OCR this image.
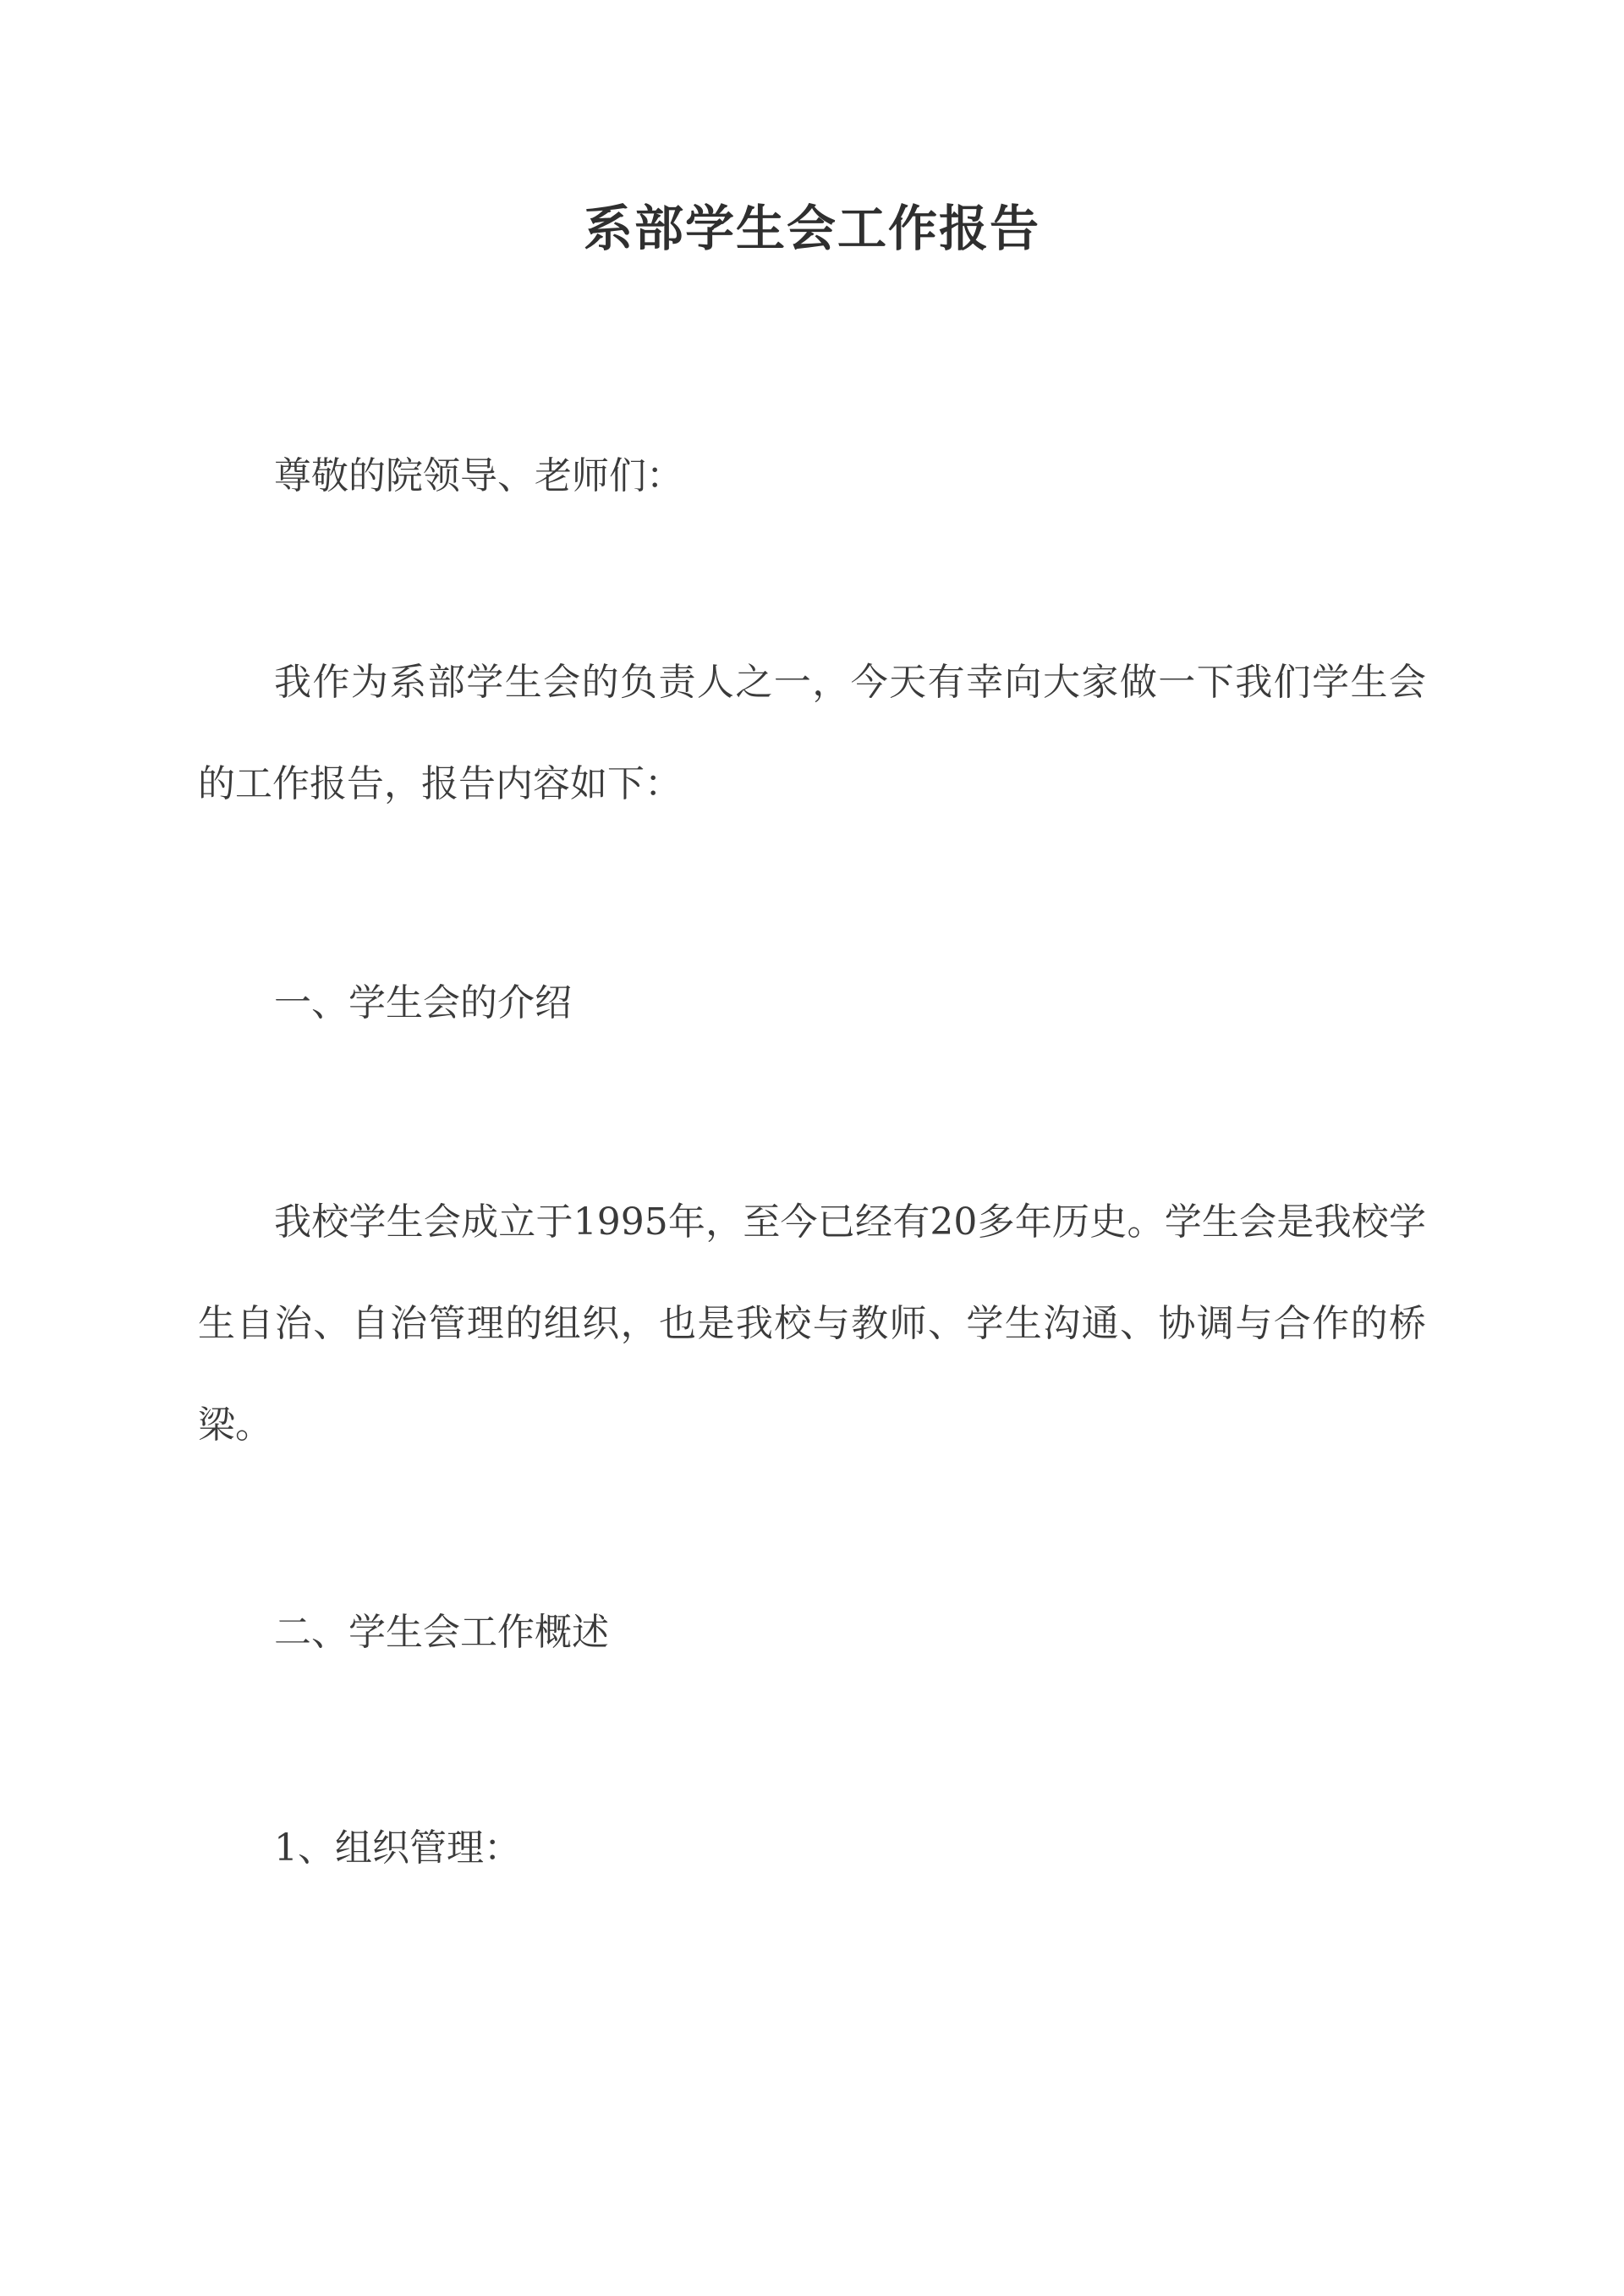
系部学生会工作报告

尊敬的院领导、老师们：

我作为系部学生会的负责人之一，今天有幸向大家做一下我们学生会的工作报告，报告内容如下：

一、学生会的介绍

我校学生会成立于1995年，至今已经有20多年历史。学生会是我校学生自治、自治管理的组织，也是我校与教师、学生沟通、协调与合作的桥梁。

二、学生会工作概述

1、组织管理：
